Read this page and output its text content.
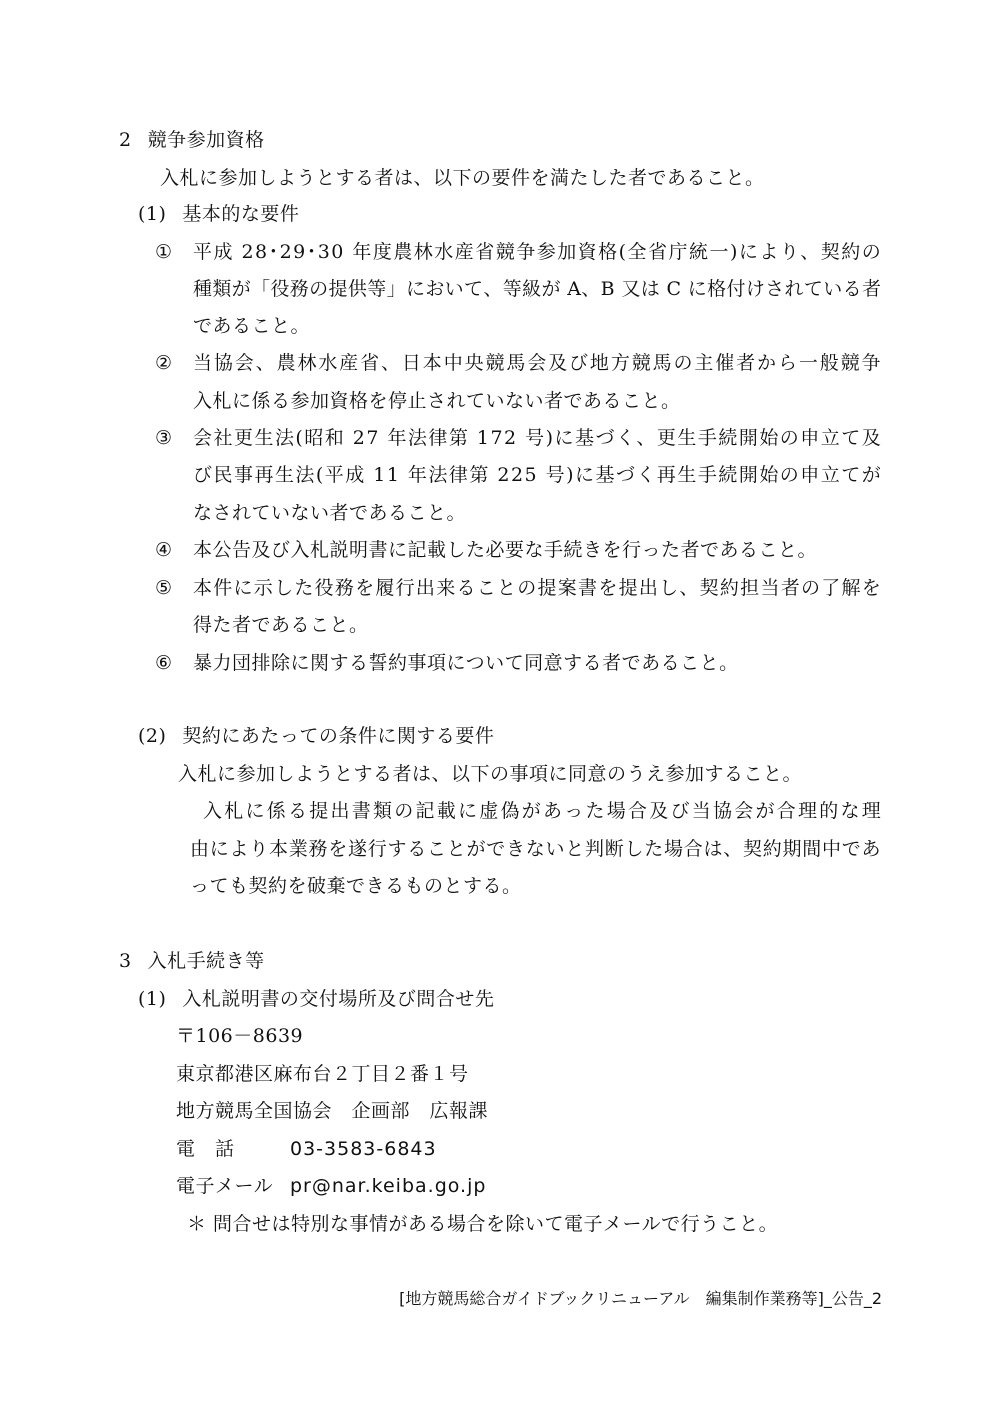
2 競争参加資格
入札に参加しようとする者は、以下の要件を満たした者であること。
(1) 基本的な要件
① 平 成
2 8 ･ 2 9 ･ 3 0
年 度 農 林 水 産 省 競 争 参 加 資 格 ( 全 省 庁 統 一 ) に よ り 、 契 約 の
種 類 が 「 役 務 の 提 供 等 」 に お い て 、 等 級 が
A 、 B
又 は
C
に 格 付 け さ れ て い る 者
であること。
② 当 協 会 、 農 林 水 産 省 、 日 本 中 央 競 馬 会 及 び 地 方 競 馬 の 主 催 者 か ら 一 般 競 争
入札に係る参加資格を停止されていない者であること。
③ 会 社 更 生 法 ( 昭 和
2 7
年 法 律 第
1 7 2
号 ) に 基 づ く 、 更 生 手 続 開 始 の 申 立 て 及
び 民 事 再 生 法 ( 平 成
1 1
年 法 律 第
2 2 5
号 ) に 基 づ く 再 生 手 続 開 始 の 申 立 て が
なされていない者であること。
④ 本公告及び入札説明書に記載した必要な手続きを行った者であること。
⑤ 本 件 に 示 し た 役 務 を 履 行 出 来 る こ と の 提 案 書 を 提 出 し 、 契 約 担 当 者 の 了 解 を
得た者であること。
⑥ 暴力団排除に関する誓約事項について同意する者であること。
(2) 契約にあたっての条件に関する要件
入札に参加しようとする者は、以下の事項に同意のうえ参加すること。
入 札 に 係 る 提 出 書 類 の 記 載 に 虚 偽 が あ っ た 場 合 及 び 当 協 会 が 合 理 的 な 理
由 に よ り 本 業 務 を 遂 行 す る こ と が で き な い と 判 断 し た 場 合 は 、 契 約 期 間 中 で あ
っても契約を破棄できるものとする。
3 入札手続き等
(1) 入札説明書の交付場所及び問合せ先
〒106－8639
東京都港区麻布台２丁目２番１号
地方競馬全国協会　企画部　広報課
電　話	03-3583-6843
電子メール pr@nar.keiba.go.jp
＊ 問合せは特別な事情がある場合を除いて電子メールで行うこと。
[地方競馬総合ガイドブックリニューアル　編集制作業務等]_公告_2
